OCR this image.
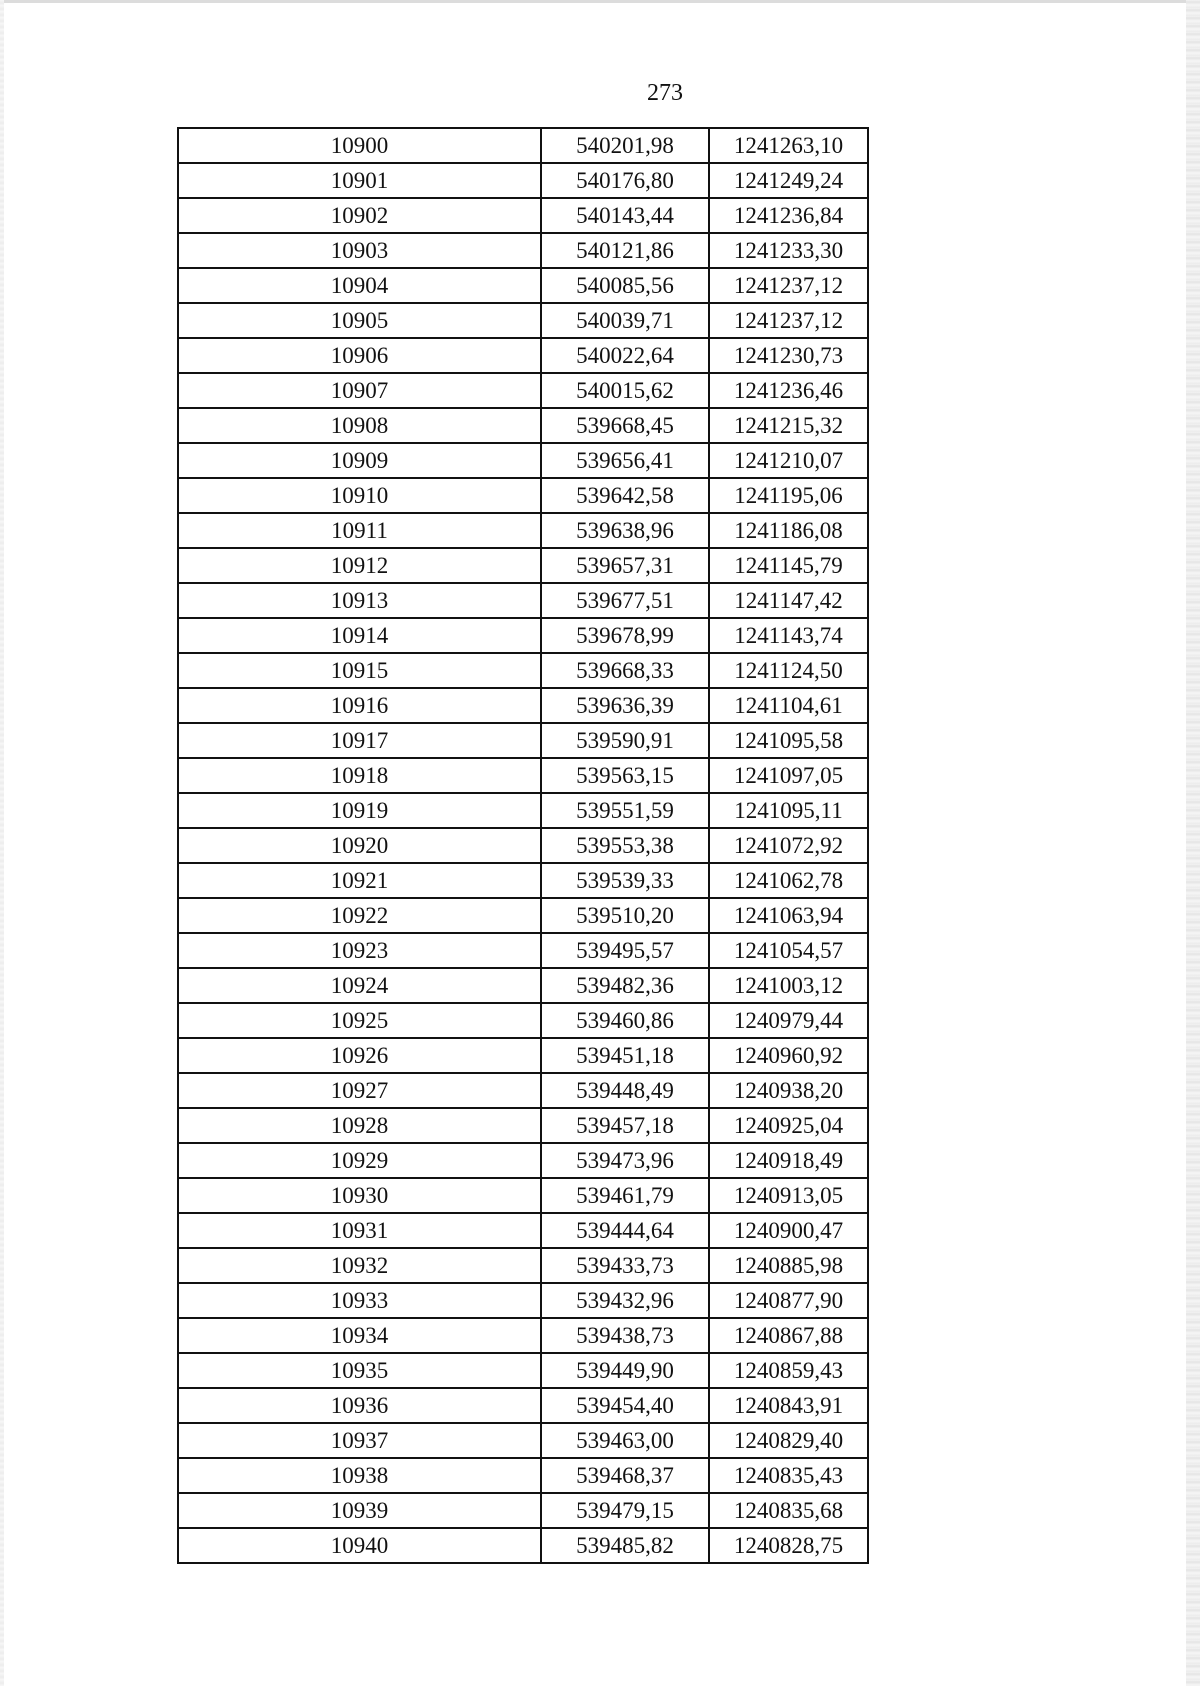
273
10900	540201,98	1241263,10
10901	540176,80	1241249,24
10902	540143,44	1241236,84
10903	540121,86	1241233,30
10904	540085,56	1241237,12
10905	540039,71	1241237,12
10906	540022,64	1241230,73
10907	540015,62	1241236,46
10908	539668,45	1241215,32
10909	539656,41	1241210,07
10910	539642,58	1241195,06
10911	539638,96	1241186,08
10912	539657,31	1241145,79
10913	539677,51	1241147,42
10914	539678,99	1241143,74
10915	539668,33	1241124,50
10916	539636,39	1241104,61
10917	539590,91	1241095,58
10918	539563,15	1241097,05
10919	539551,59	1241095,11
10920	539553,38	1241072,92
10921	539539,33	1241062,78
10922	539510,20	1241063,94
10923	539495,57	1241054,57
10924	539482,36	1241003,12
10925	539460,86	1240979,44
10926	539451,18	1240960,92
10927	539448,49	1240938,20
10928	539457,18	1240925,04
10929	539473,96	1240918,49
10930	539461,79	1240913,05
10931	539444,64	1240900,47
10932	539433,73	1240885,98
10933	539432,96	1240877,90
10934	539438,73	1240867,88
10935	539449,90	1240859,43
10936	539454,40	1240843,91
10937	539463,00	1240829,40
10938	539468,37	1240835,43
10939	539479,15	1240835,68
10940	539485,82	1240828,75
